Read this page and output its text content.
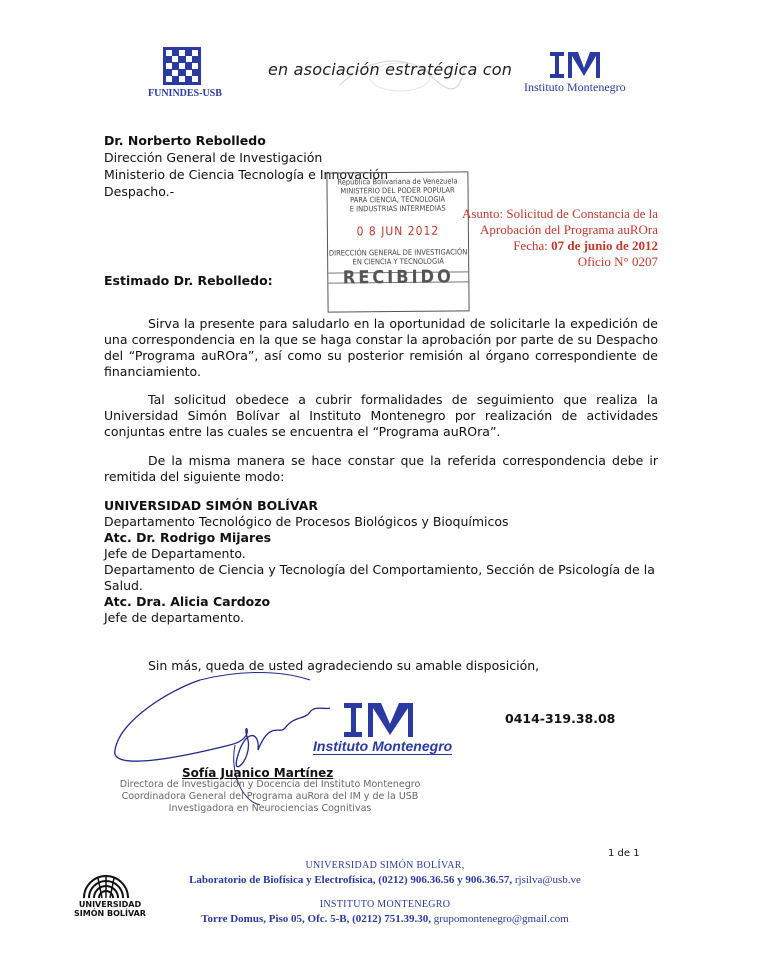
FUNINDES-USB
en asociación estratégica con
Instituto Montenegro
Dr. Norberto Rebolledo
Dirección General de Investigación
Ministerio de Ciencia Tecnología e Innovación
Despacho.-
República Bolivariana de Venezuela
MINISTERIO DEL PODER POPULAR
PARA CIENCIA, TECNOLOGIA
E INDUSTRIAS INTERMEDIAS
0 8 JUN 2012
DIRECCIÓN GENERAL DE INVESTIGACIÓN
EN CIENCIA Y TECNOLOGIA
RECIBIDO
Asunto: Solicitud de Constancia de la
Aprobación del Programa auROra
Fecha: 07 de junio de 2012
Oficio N° 0207
Estimado Dr. Rebolledo:
Sirva la presente para saludarlo en la oportunidad de solicitarle la expedición de una correspondencia en la que se haga constar la aprobación por parte de su Despacho del “Programa auROra”, así como su posterior remisión al órgano correspondiente de financiamiento.
Tal solicitud obedece a cubrir formalidades de seguimiento que realiza la Universidad Simón Bolívar al Instituto Montenegro por realización de actividades conjuntas entre las cuales se encuentra el “Programa auROra”.
De la misma manera se hace constar que la referida correspondencia debe ir remitida del siguiente modo:
UNIVERSIDAD SIMÓN BOLÍVAR
Departamento Tecnológico de Procesos Biológicos y Bioquímicos
Atc. Dr. Rodrigo Mijares
Jefe de Departamento.
Departamento de Ciencia y Tecnología del Comportamiento, Sección de Psicología de la Salud.
Atc. Dra. Alicia Cardozo
Jefe de departamento.
Sin más, queda de usted agradeciendo su amable disposición,
Instituto Montenegro
0414-319.38.08
Sofía Juanico Martínez
Directora de Investigación y Docencia del Instituto Montenegro
Coordinadora General del Programa auRora del IM y de la USB
Investigadora en Neurociencias Cognitivas
1 de 1
UNIVERSIDAD
SIMÓN BOLÍVAR
UNIVERSIDAD SIMÓN BOLÍVAR,
Laboratorio de Biofísica y Electrofísica, (0212) 906.36.56 y 906.36.57, rjsilva@usb.ve
INSTITUTO MONTENEGRO
Torre Domus, Piso 05, Ofc. 5-B, (0212) 751.39.30, grupomontenegro@gmail.com
